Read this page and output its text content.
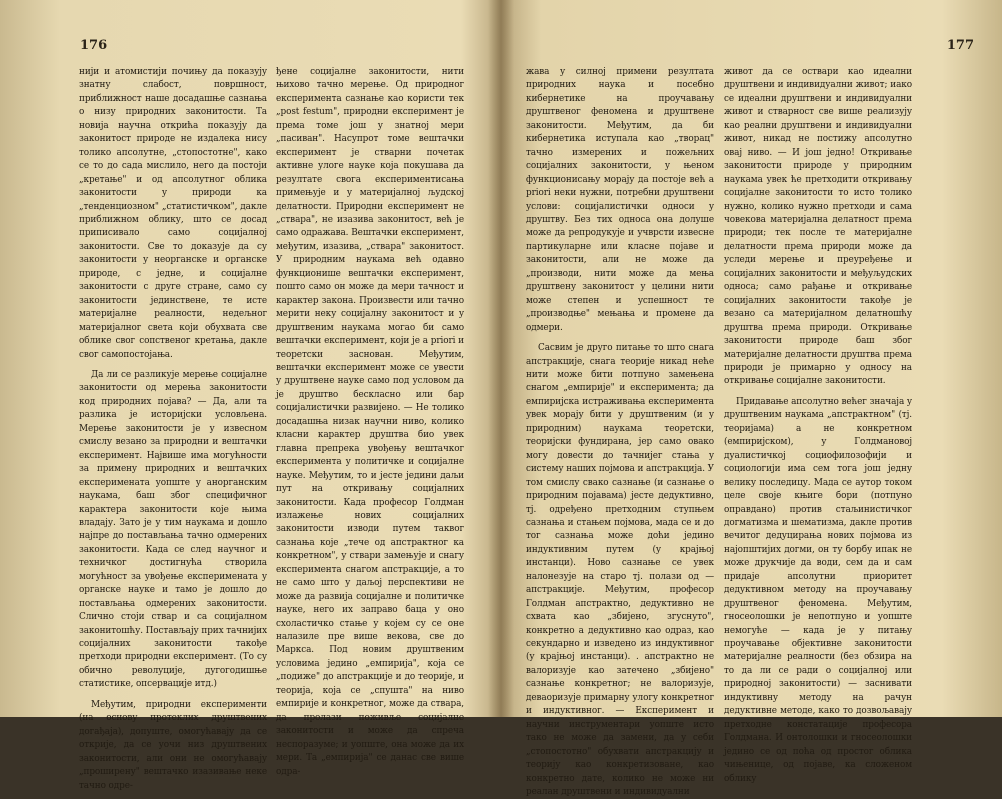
176

нији и атомистији почињу да показују знатну слабост, површност, приближност наше досадашње сазнања о низу природних законитости. Та новија научна открића показују да законитост природе не издалека нису толико апсолутне, „стопостотне", како се то до сада мислило, него да постоји „кретање" и од апсолутног облика законитости у природи ка „тенденциозном" „статистичком", дакле приближном облику, што се досад приписивало само социјалној законитости. Све то доказује да су законитости у неорганске и органске природе, с једне, и социјалне законитости с друге стране, само су законитости јединствене, те исте материјалне реалности, недељног материјалног света који обухвата све облике свог сопственог кретања, дакле свог самопостојања.

Да ли се разликује мерење социјалне законитости од мерења законитости код природних појава? — Да, али та разлика је историјски условљена. Мерење законитости је у извесном смислу везано за природни и вештачки експеримент. Највише има могућности за примену природних и вештачких експеримената уопште у анорганским наукама, баш због специфичног карактера законитости које њима владају. Зато је у тим наукама и дошло најпре до постављања тачно одмерених законитости. Када се след научног и техничког достигнућа створила могућност за увођење експеримената у органске науке и тамо је дошло до постављања одмерених законитости. Слично стоји ствар и са социјалном законитошћу. Постављају прих тачнијих социјалних законитости такође претходи природни експеримент. (То су обично револуције, дугогодишње статистике, опсервације итд.)

Међутим, природни експерименти (на основу протеклих друштвених догађаја), допуште, омогућавају да се открије, да се уочи низ друштвених законитости, али они не омогућавају „проширену" вештачко изазивање неке тачно одре-

ђене социјалне законитости, нити њихово тачно мерење. Од природног експеримента сазнање као користи тек „post festum", природни експеримент је према томе још у знатној мери „пасиван". Насупрот томе вештачки експеримент је стварни почетак активне улоге науке која покушава да резултате свога експериментисања примењује и у материјалној људској делатности. Природни експеримент не „ствара", не изазива законитост, већ је само одражава. Вештачки експеримент, међутим, изазива, „ствара" законитост. У природним наукама већ одавно функционише вештачки експеримент, пошто само он може да мери тачност и карактер закона. Произвести или тачно мерити неку социјалну законитост и у друштвеним наукама могао би само вештачки експеримент, који је a priori и теоретски заснован. Међутим, вештачки експеримент може се увести у друштвене науке само под условом да је друштво бескласно или бар социјалистички развијено. — Не толико досадашња низак научни ниво, колико класни карактер друштва био увек главна препрека увођењу вештачког експеримента у политичке и социјалне науке. Међутим, то и јесте једини даљи пут на откривању социјалних законитости. Када професор Голдман излажење нових социјалних законитости изводи путем таквог сазнања које „тече од апстрактног ка конкретном", у ствари замењује и снагу експеримента снагом апстракције, а то не само што у даљој перспективи не може да развија социјалне и политичке науке, него их заправо баца у оно схоластичко стање у којем су се оне налазиле пре више векова, све до Маркса. Под новим друштвеним условима једино „емпирија", која се „подиже" до апстракције и до теорије, и теорија, која се „спушта" на ниво емпирије и конкретног, може да ствара, да пролази поживље социјалне законитости и може да спреча неспоразуме; и уопште, она може да их мери. Та „емпирија" се данас све више одра-

177

жава у силној примени резултата природних наука и посебно кибернетике на проучавању друштвеног феномена и друштвене законитости. Међутим, да би кибернетика иступала као „творац" тачно измерених и пожељних социјалних законитости, у њеном функционисању морају да постоје већ a priori неки нужни, потребни друштвени услови: социјалистички односи у друштву. Без тих односа она долуше може да репродукује и учврсти извесне партикуларне или класне појаве и законитости, али не може да „производи, нити може да мења друштвену законитост у целини нити може степен и успешност те „производње" мењања и промене да одмери.

Сасвим је друго питање то што снага апстракције, снага теорије никад неће нити може бити потпуно замењена снагом „емпирије" и експеримента; да емпириjска истраживања експеримента увек морају бити у друштвеним (и у природним) наукама теоретски, теоријски фундирана, јер само овако могу довести до тачнијег стања у систему наших појмова и апстракција. У том смислу свако сазнање (и сазнање о природним појавама) јесте дедуктивно, тј. одређено претходним ступњем сазнања и стањем појмова, мада се и до тог сазнања може доћи једино индуктивним путем (у крајњој инстанци). Ново сазнање се увек налонезује на старо тј. полази од — апстракције. Међутим, професор Голдман апстрактно, дедуктивно не схвата као „збијено, згуснуто", конкретно а дедуктивно као одраз, као секундарно и изведено из индуктивног (у крајњој инстанци). . апстрактно не валоризује као затечено „збијено" сазнање конкретног; не валоризује, деваоризује примарну улогу конкретног и индуктивног. — Експеримент и научни инструментари уопште исто тако не може да замени, да у себи „стопостотно" обухвати апстракцију и теорију као конкретизоване, као конкретно дате, колико не може ни реалан друштвени и индивидуални

живот да се оствари као идеални друштвени и индивидуални живот; иако се идеални друштвени и индивидуални живот и стварност све више реализују као реални друштвени и индивидуални живот, никад не постижу апсолутно овај ниво. — И још једно! Откривање законитости природе у природним наукама увек ће претходити откривању социјалне законитости то исто толико нужно, колико нужно претходи и сама човекова материјална делатност према природи; тек после те материјалне делатности према природи може да уследи мерење и преуређење и социјалних законитости и међуљудских односа; само рађање и откривање социјалних законитости такође је везано са материјалном делатношћу друштва према природи. Откривање законитости природе баш због материјалне делатности друштва према природи је примарно у односу на откривање социјалне законитости.

Придавање апсолутно већег значаја у друштвеним наукама „апстрактном" (тј. теоријама) а не конкретном (емпиријском), у Голдмановој дуалистичкој социофилозофији и социологији има сем тога још једну велику последицу. Мада се аутор током целе своје књиге бори (потпуно оправдано) против стаљинистичког догматизма и шематизма, дакле против вечитог дедуцирања нових појмова из најопштијих догми, он ту борбу ипак не може друкчије да води, сем да и сам придаје апсолутни приоритет дедуктивном методу на проучавању друштвеног феномена. Међутим, гносеолошки је непотпуно и уопште немогуће — када је у питању проучавање објективне законитости материјалне реалности (без обзира на то да ли се ради о социјалној или природној законитости) — заснивати индуктивну методу на рачун дедуктивне методе, како то дозвољавају претходне констатације професора Голдмана. И онтолошки и гносеолошки једино се од поћа од простог облика чињенице, од појаве, ка сложеном облику
